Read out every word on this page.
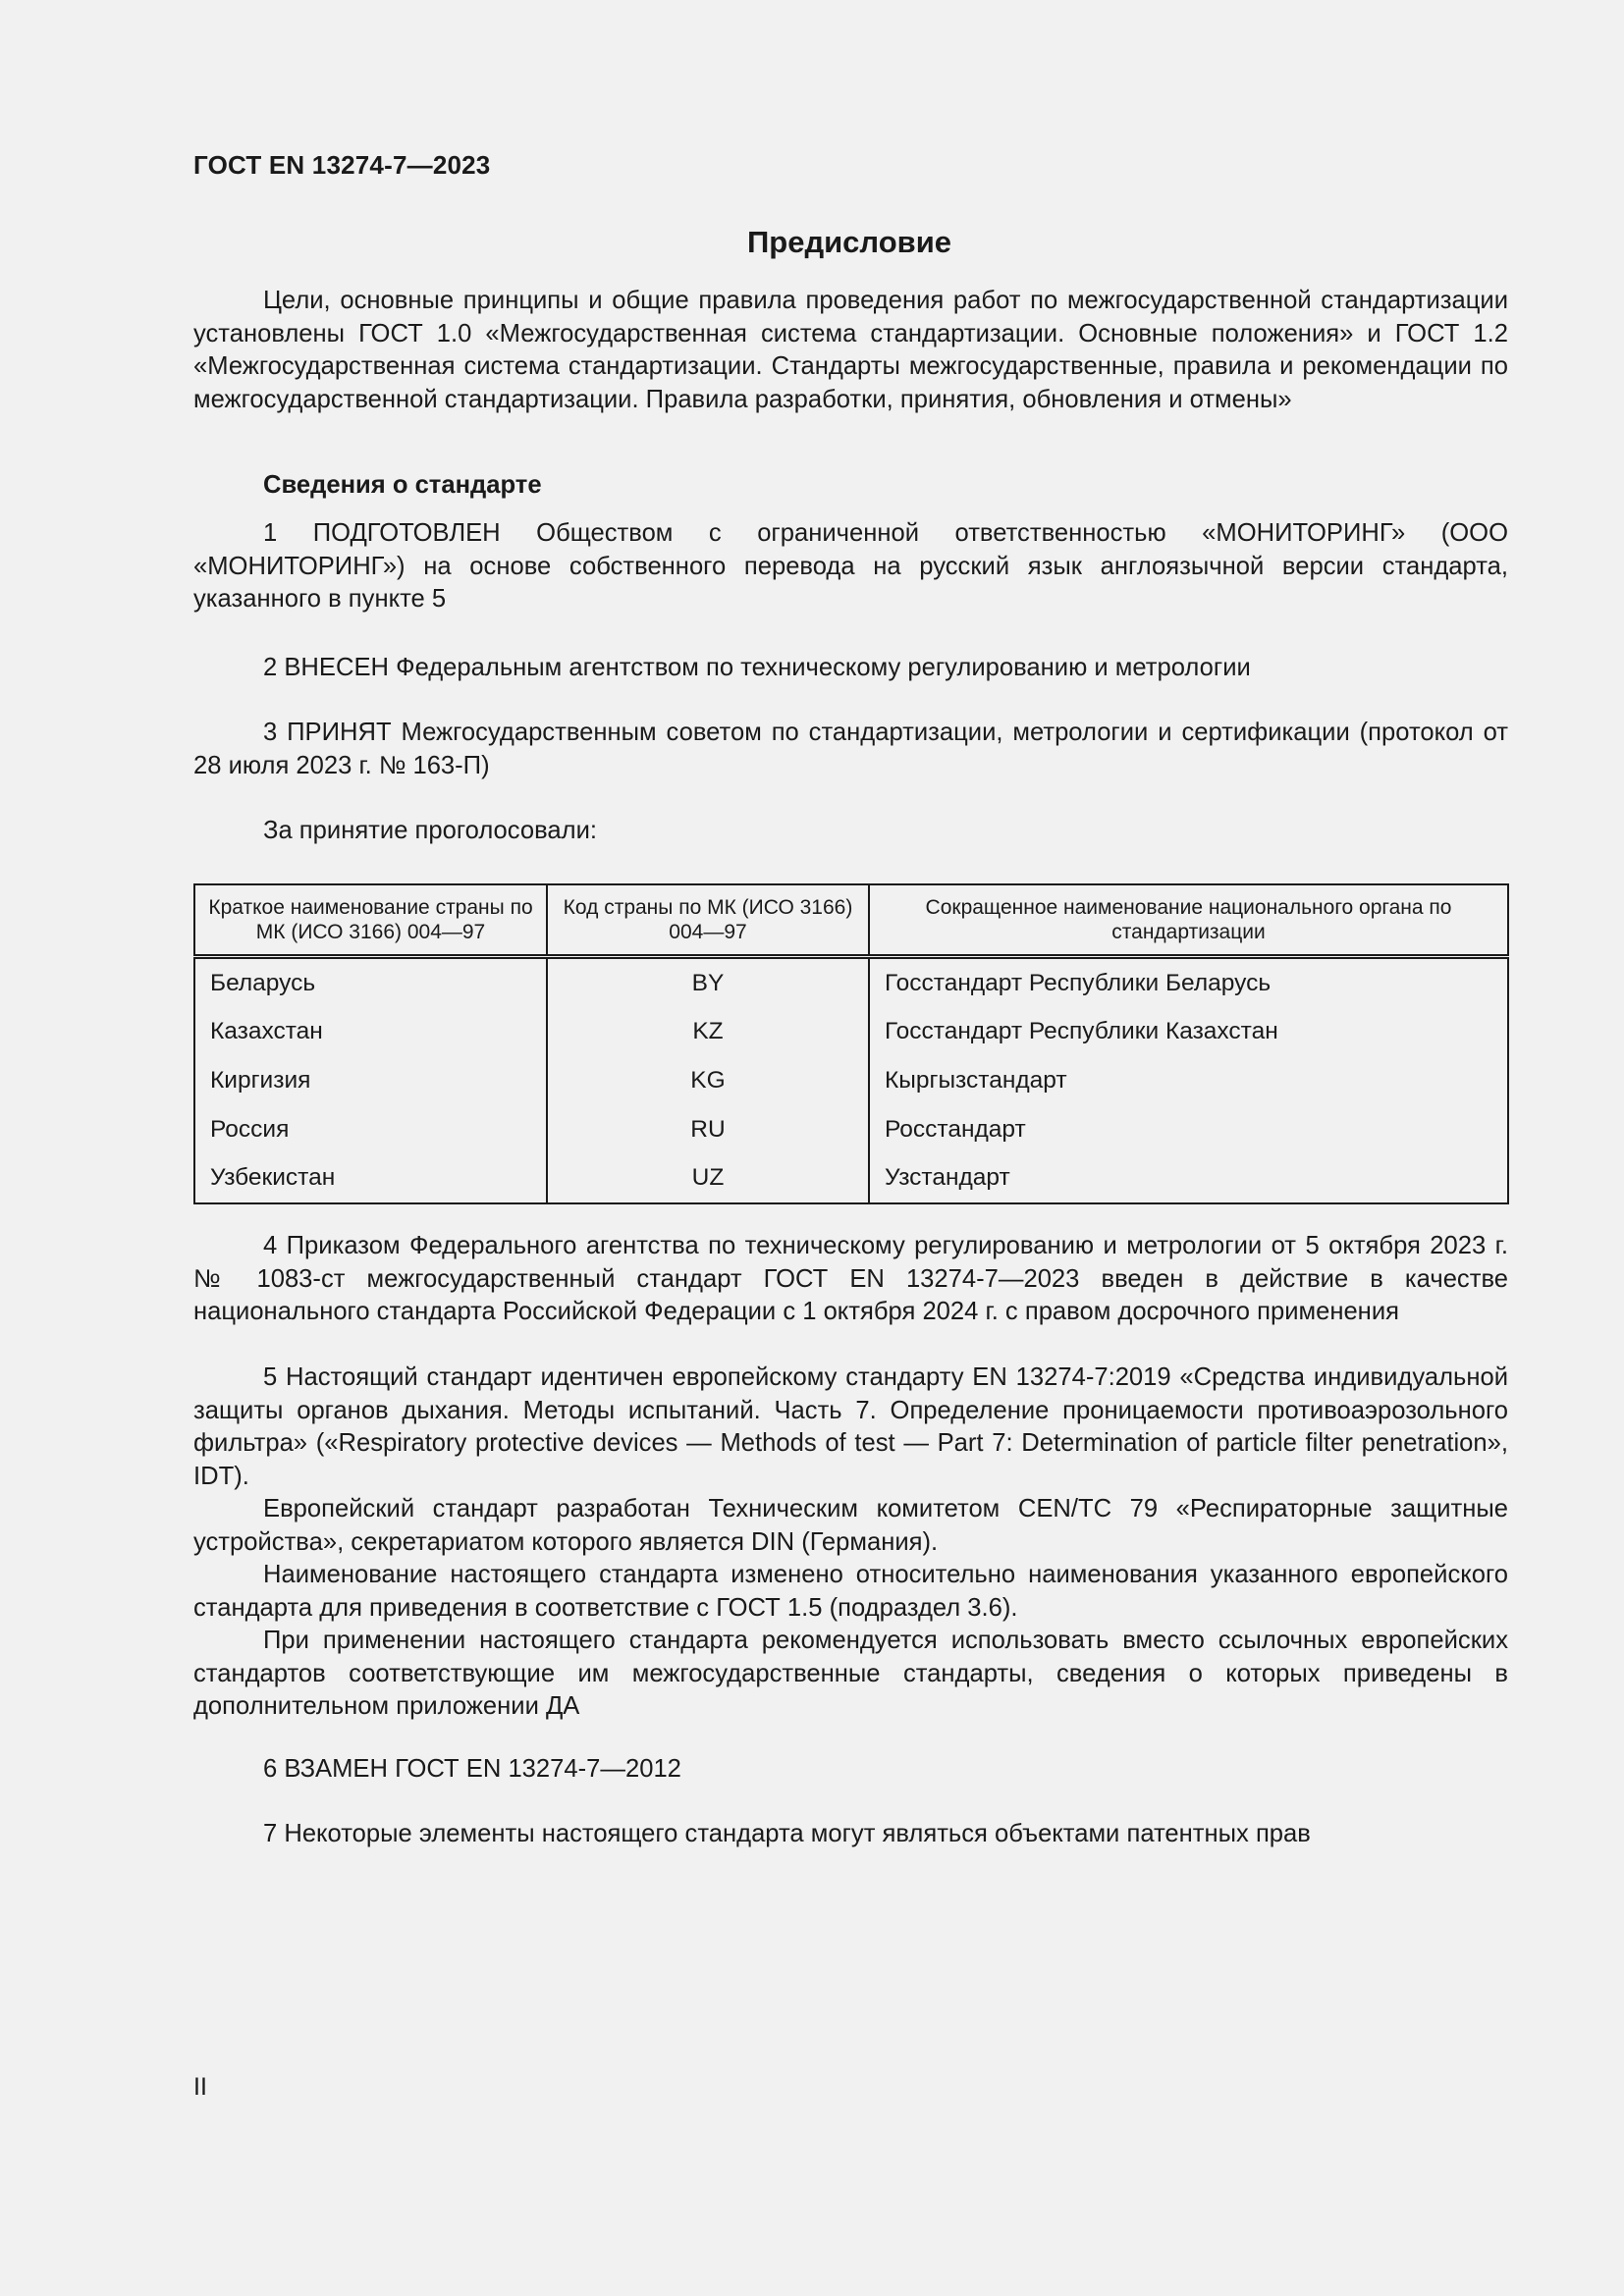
ГОСТ EN 13274-7—2023
Предисловие

Цели, основные принципы и общие правила проведения работ по межгосударственной стандартизации установлены ГОСТ 1.0 «Межгосударственная система стандартизации. Основные положения» и ГОСТ 1.2 «Межгосударственная система стандартизации. Стандарты межгосударственные, правила и рекомендации по межгосударственной стандартизации. Правила разработки, принятия, обновления и отмены»

Сведения о стандарте

1 ПОДГОТОВЛЕН Обществом с ограниченной ответственностью «МОНИТОРИНГ» (ООО «МОНИТОРИНГ») на основе собственного перевода на русский язык англоязычной версии стандарта, указанного в пункте 5

2 ВНЕСЕН Федеральным агентством по техническому регулированию и метрологии

3 ПРИНЯТ Межгосударственным советом по стандартизации, метрологии и сертификации (протокол от 28 июля 2023 г. № 163-П)

За принятие проголосовали:

Краткое наименование страны по МК (ИСО 3166) 004—97	Код страны по МК (ИСО 3166) 004—97	Сокращенное наименование национального органа по стандартизации
Беларусь	BY	Госстандарт Республики Беларусь
Казахстан	KZ	Госстандарт Республики Казахстан
Киргизия	KG	Кыргызстандарт
Россия	RU	Росстандарт
Узбекистан	UZ	Узстандарт

4 Приказом Федерального агентства по техническому регулированию и метрологии от 5 октября 2023 г. № 1083-ст межгосударственный стандарт ГОСТ EN 13274-7—2023 введен в действие в качестве национального стандарта Российской Федерации с 1 октября 2024 г. с правом досрочного применения

5 Настоящий стандарт идентичен европейскому стандарту EN 13274-7:2019 «Средства индивидуальной защиты органов дыхания. Методы испытаний. Часть 7. Определение проницаемости противоаэрозольного фильтра» («Respiratory protective devices — Methods of test — Part 7: Determination of particle filter penetration», IDT).

Европейский стандарт разработан Техническим комитетом CEN/TC 79 «Респираторные защитные устройства», секретариатом которого является DIN (Германия).

Наименование настоящего стандарта изменено относительно наименования указанного европейского стандарта для приведения в соответствие с ГОСТ 1.5 (подраздел 3.6).

При применении настоящего стандарта рекомендуется использовать вместо ссылочных европейских стандартов соответствующие им межгосударственные стандарты, сведения о которых приведены в дополнительном приложении ДА

6 ВЗАМЕН ГОСТ EN 13274-7—2012

7 Некоторые элементы настоящего стандарта могут являться объектами патентных прав

II
